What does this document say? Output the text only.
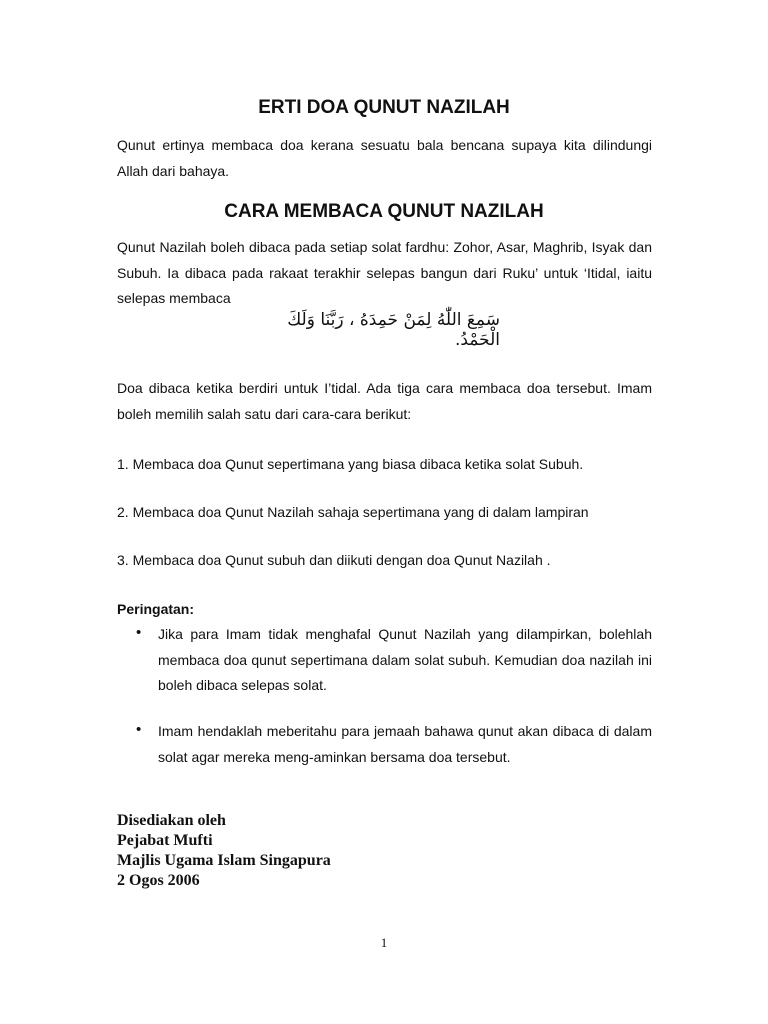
ERTI DOA QUNUT NAZILAH

Qunut ertinya membaca doa kerana sesuatu bala bencana supaya kita dilindungi Allah dari bahaya.

CARA MEMBACA QUNUT NAZILAH

Qunut Nazilah boleh dibaca pada setiap solat fardhu: Zohor, Asar, Maghrib, Isyak dan Subuh. Ia dibaca pada rakaat terakhir selepas bangun dari Ruku’ untuk ‘Itidal, iaitu selepas membaca

سَمِعَ اللّٰهُ لِمَنْ حَمِدَهُ ، رَبَّنَا وَلَكَ الْحَمْدُ.

Doa dibaca ketika berdiri untuk I’tidal. Ada tiga cara membaca doa tersebut. Imam boleh memilih salah satu dari cara-cara berikut:

1. Membaca doa Qunut sepertimana yang biasa dibaca ketika solat Subuh.

2. Membaca doa Qunut Nazilah sahaja sepertimana yang di dalam lampiran

3. Membaca doa Qunut subuh dan diikuti dengan doa Qunut Nazilah .

Peringatan:

• Jika para Imam tidak menghafal Qunut Nazilah yang dilampirkan, bolehlah membaca doa qunut sepertimana dalam solat subuh. Kemudian doa nazilah ini boleh dibaca selepas solat.

• Imam hendaklah meberitahu para jemaah bahawa qunut akan dibaca di dalam solat agar mereka meng-aminkan bersama doa tersebut.

Disediakan oleh
Pejabat Mufti
Majlis Ugama Islam Singapura
2 Ogos 2006
1
